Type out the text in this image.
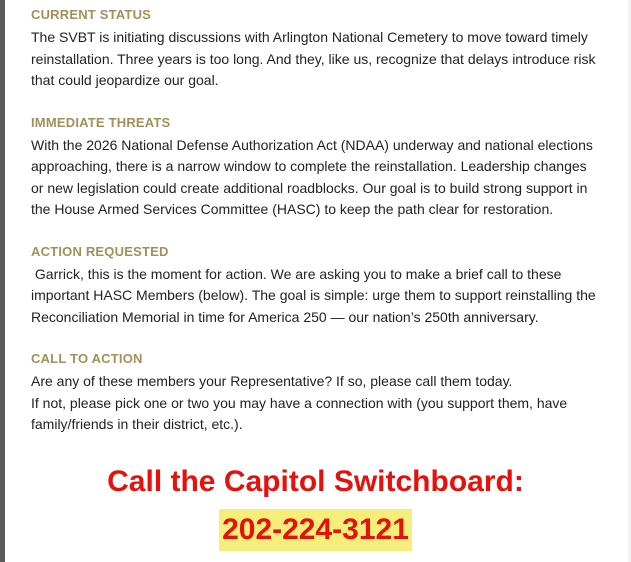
CURRENT STATUS

The SVBT is initiating discussions with Arlington National Cemetery to move toward timely
reinstallation. Three years is too long. And they, like us, recognize that delays introduce risk
that could jeopardize our goal.

IMMEDIATE THREATS

With the 2026 National Defense Authorization Act (NDAA) underway and national elections
approaching, there is a narrow window to complete the reinstallation. Leadership changes
or new legislation could create additional roadblocks. Our goal is to build strong support in
the House Armed Services Committee (HASC) to keep the path clear for restoration.

ACTION REQUESTED

Garrick, this is the moment for action. We are asking you to make a brief call to these
important HASC Members (below). The goal is simple: urge them to support reinstalling the
Reconciliation Memorial in time for America 250 — our nation’s 250th anniversary.

CALL TO ACTION

Are any of these members your Representative? If so, please call them today.
If not, please pick one or two you may have a connection with (you support them, have
family/friends in their district, etc.).

Call the Capitol Switchboard:
202-224-3121
